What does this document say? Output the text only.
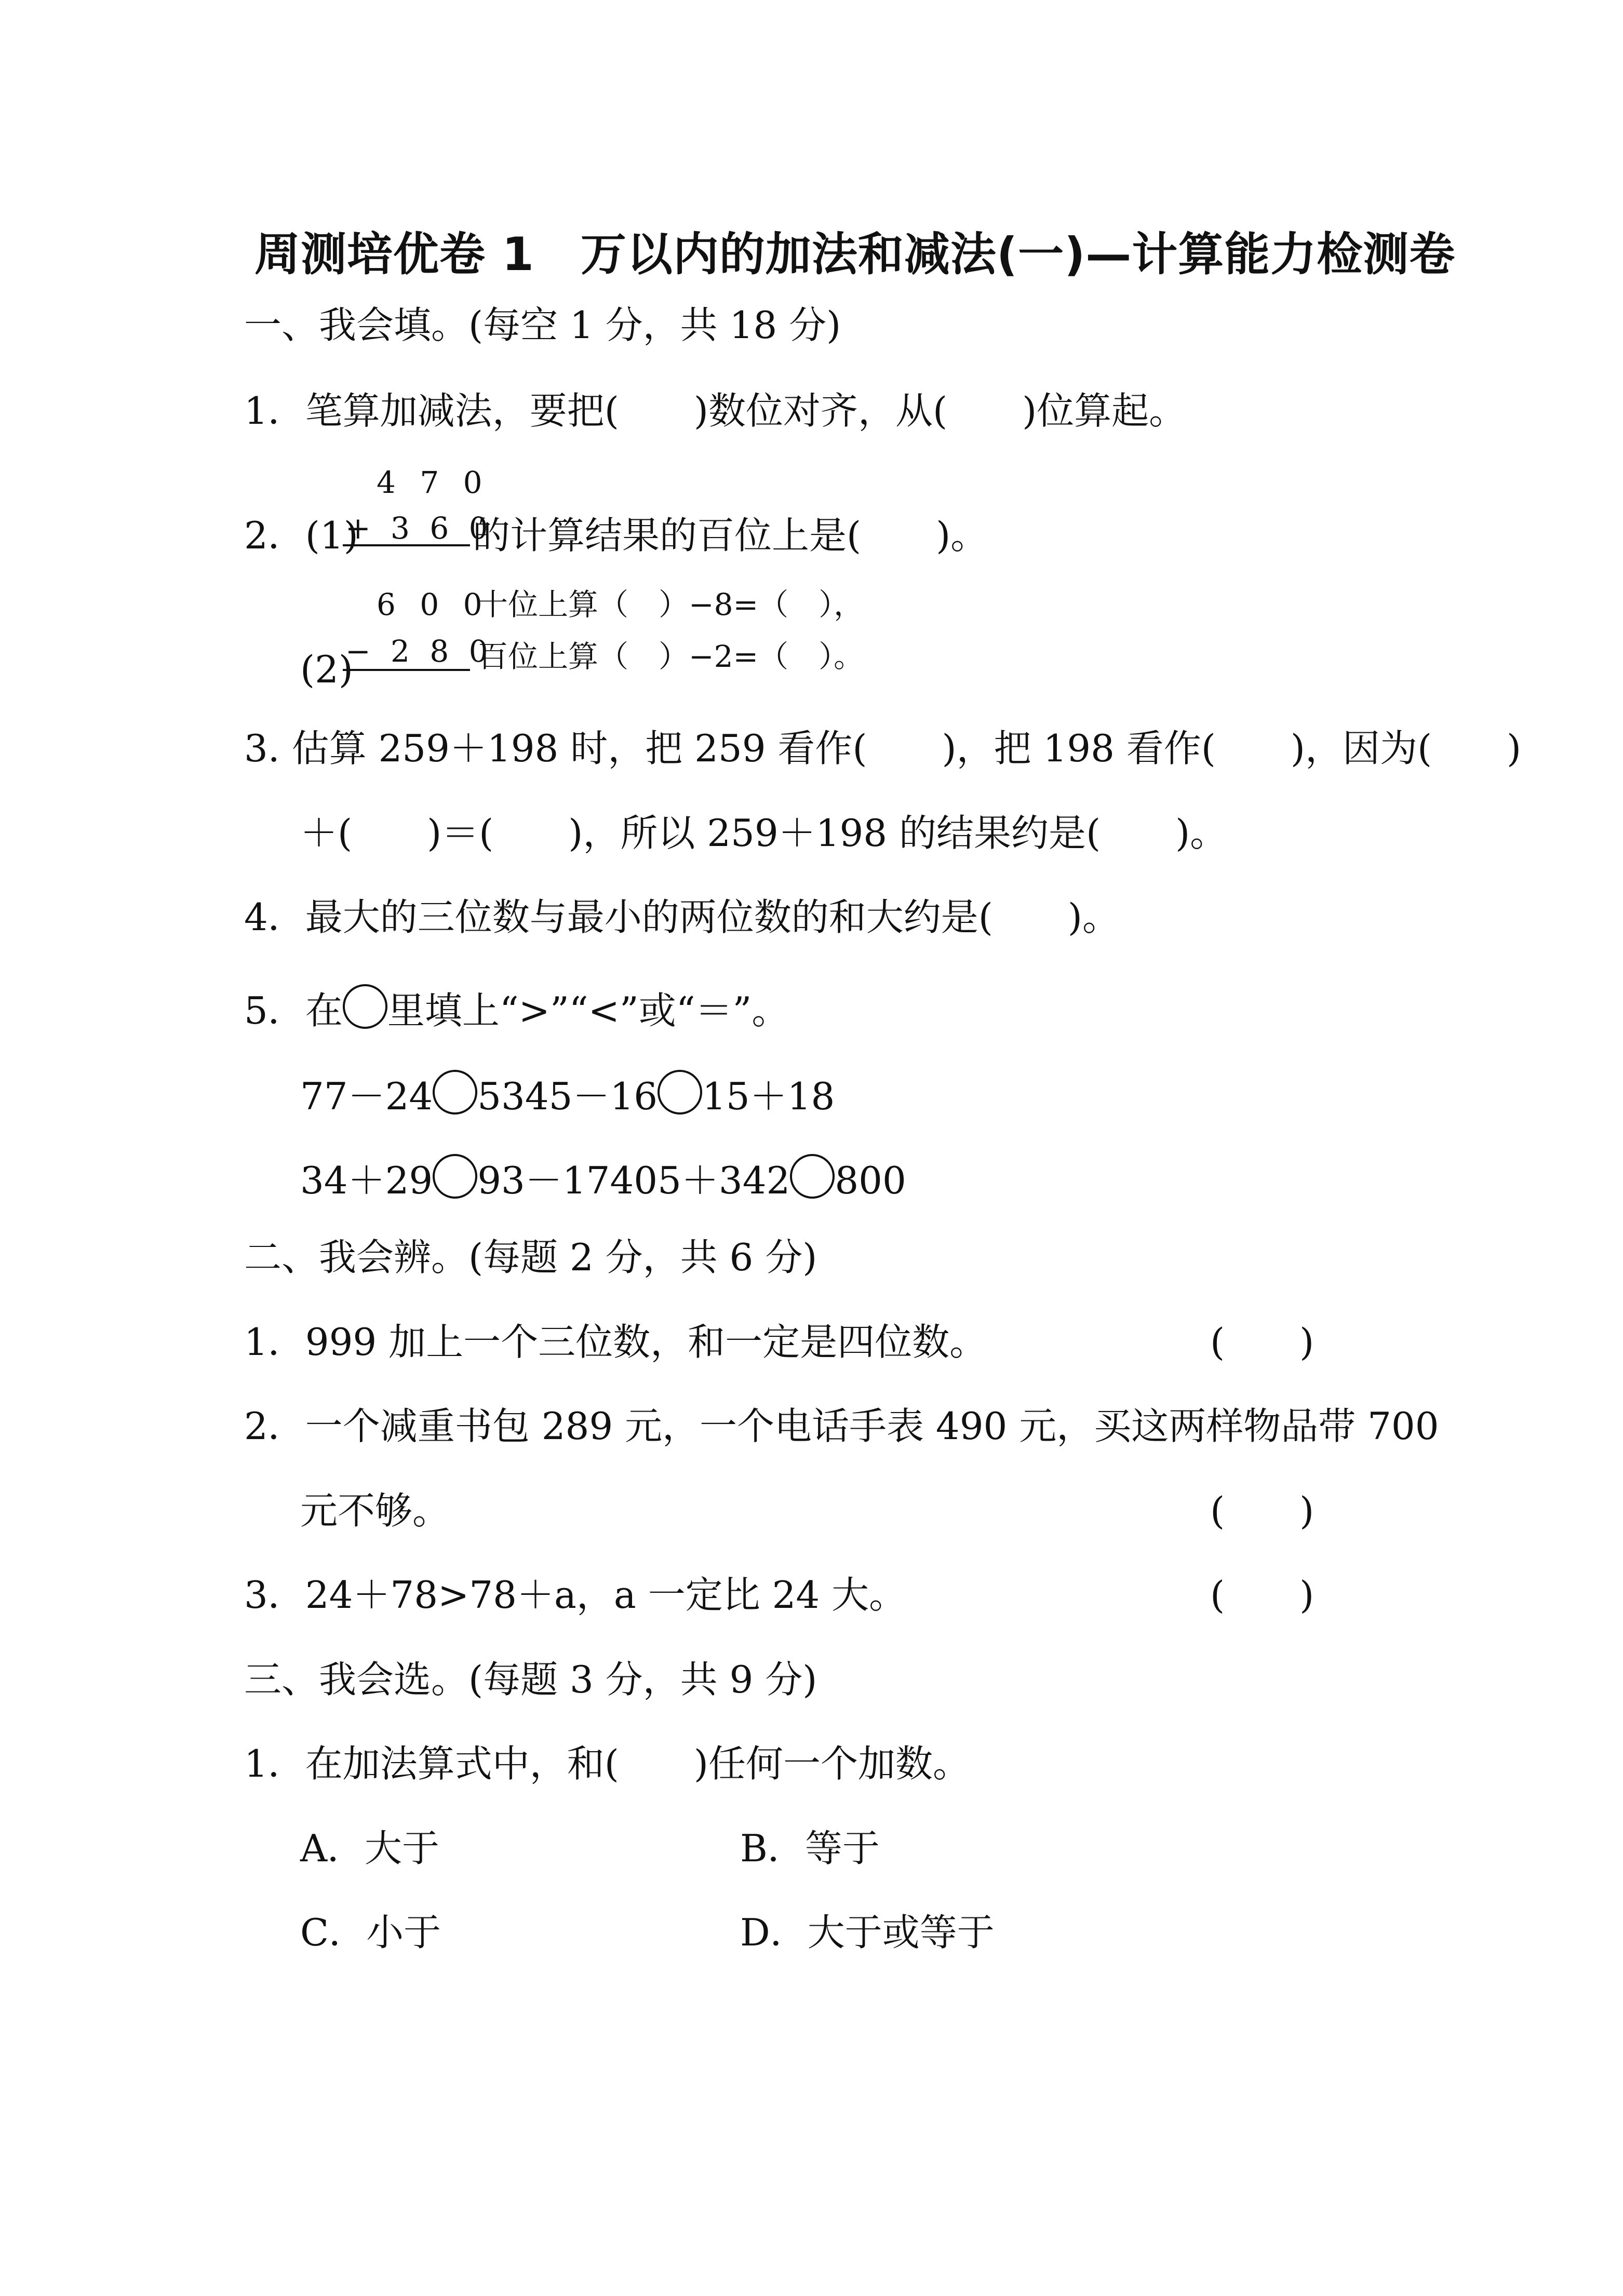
周测培优卷 1　万以内的加法和减法(一)—计算能力检测卷
一、我会填。(每空 1 分，共 18 分)
1．笔算加减法，要把(　　)数位对齐，从(　　)位算起。
4 7 0
2．(1)
+ 3 6 0
的计算结果的百位上是(　　)。
6 0 0
十位上算（　）−8=（　），
(2)
− 2 8 0
百位上算（　）−2=（　）。
3. 估算 259＋198 时，把 259 看作(　　)，把 198 看作(　　)，因为(　　)
＋(　　)＝(　　)，所以 259＋198 的结果约是(　　)。
4．最大的三位数与最小的两位数的和大约是(　　)。
5．在 里填上“>”“<”或“＝”。
77－24 5345－16 15＋18
34＋29 93－17405＋342 800
二、我会辨。(每题 2 分，共 6 分)
1．999 加上一个三位数，和一定是四位数。	(　　)
2．一个减重书包 289 元，一个电话手表 490 元，买这两样物品带 700
元不够。	(　　)
3．24＋78>78＋a，a 一定比 24 大。	(　　)
三、我会选。(每题 3 分，共 9 分)
1．在加法算式中，和(　　)任何一个加数。
A．大于	B．等于
C．小于	D．大于或等于
